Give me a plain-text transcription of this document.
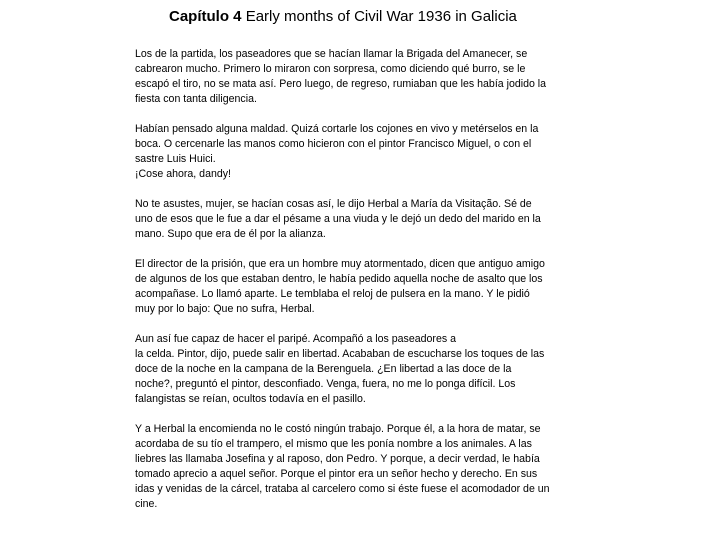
Capítulo 4 Early months of Civil War 1936 in Galicia

Los de la partida, los paseadores que se hacían llamar la Brigada del Amanecer, se
cabrearon mucho. Primero lo miraron con sorpresa, como diciendo qué burro, se le
escapó el tiro, no se mata así. Pero luego, de regreso, rumiaban que les había jodido la
fiesta con tanta diligencia.

Habían pensado alguna maldad. Quizá cortarle los cojones en vivo y metérselos en la
boca. O cercenarle las manos como hicieron con el pintor Francisco Miguel, o con el
sastre Luis Huici.
¡Cose ahora, dandy!

No te asustes, mujer, se hacían cosas así, le dijo Herbal a María da Visitação. Sé de
uno de esos que le fue a dar el pésame a una viuda y le dejó un dedo del marido en la
mano. Supo que era de él por la alianza.

El director de la prisión, que era un hombre muy atormentado, dicen que antiguo amigo
de algunos de los que estaban dentro, le había pedido aquella noche de asalto que los
acompañase. Lo llamó aparte. Le temblaba el reloj de pulsera en la mano. Y le pidió
muy por lo bajo: Que no sufra, Herbal.

Aun así fue capaz de hacer el paripé. Acompañó a los paseadores a
la celda. Pintor, dijo, puede salir en libertad. Acababan de escucharse los toques de las
doce de la noche en la campana de la Berenguela. ¿En libertad a las doce de la
noche?, preguntó el pintor, desconfiado. Venga, fuera, no me lo ponga difícil. Los
falangistas se reían, ocultos todavía en el pasillo.

Y a Herbal la encomienda no le costó ningún trabajo. Porque él, a la hora de matar, se
acordaba de su tío el trampero, el mismo que les ponía nombre a los animales. A las
liebres las llamaba Josefina y al raposo, don Pedro. Y porque, a decir verdad, le había
tomado aprecio a aquel señor. Porque el pintor era un señor hecho y derecho. En sus
idas y venidas de la cárcel, trataba al carcelero como si éste fuese el acomodador de un
cine.
